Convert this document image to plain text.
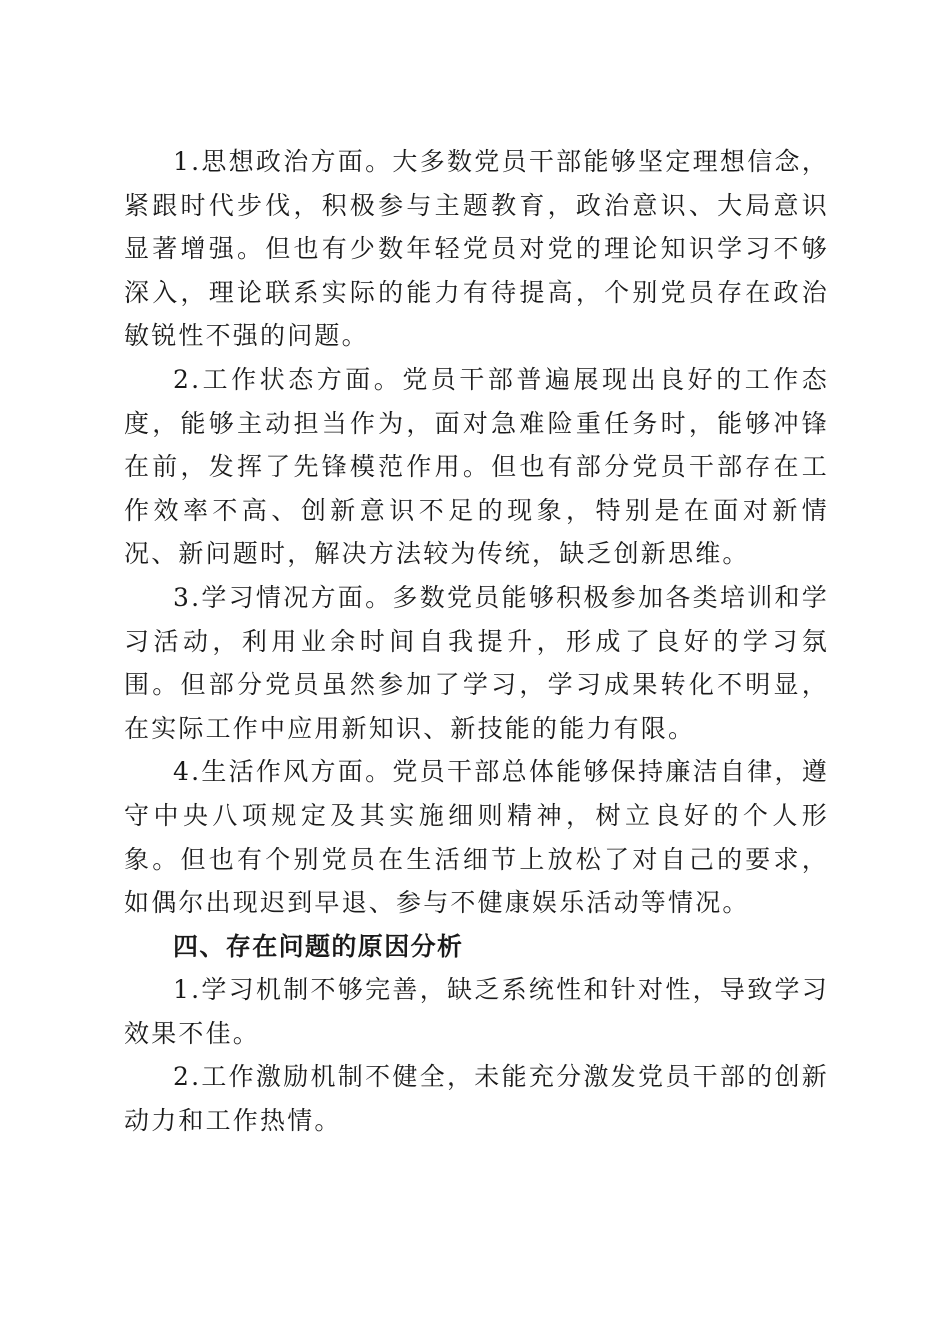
1.思想政治方面。大多数党员干部能够坚定理想信念，紧跟时代步伐，积极参与主题教育，政治意识、大局意识显著增强。但也有少数年轻党员对党的理论知识学习不够深入，理论联系实际的能力有待提高，个别党员存在政治敏锐性不强的问题。

2.工作状态方面。党员干部普遍展现出良好的工作态度，能够主动担当作为，面对急难险重任务时，能够冲锋在前，发挥了先锋模范作用。但也有部分党员干部存在工作效率不高、创新意识不足的现象，特别是在面对新情况、新问题时，解决方法较为传统，缺乏创新思维。

3.学习情况方面。多数党员能够积极参加各类培训和学习活动，利用业余时间自我提升，形成了良好的学习氛围。但部分党员虽然参加了学习，学习成果转化不明显，在实际工作中应用新知识、新技能的能力有限。

4.生活作风方面。党员干部总体能够保持廉洁自律，遵守中央八项规定及其实施细则精神，树立良好的个人形象。但也有个别党员在生活细节上放松了对自己的要求，如偶尔出现迟到早退、参与不健康娱乐活动等情况。

四、存在问题的原因分析

1.学习机制不够完善，缺乏系统性和针对性，导致学习效果不佳。

2.工作激励机制不健全，未能充分激发党员干部的创新动力和工作热情。
